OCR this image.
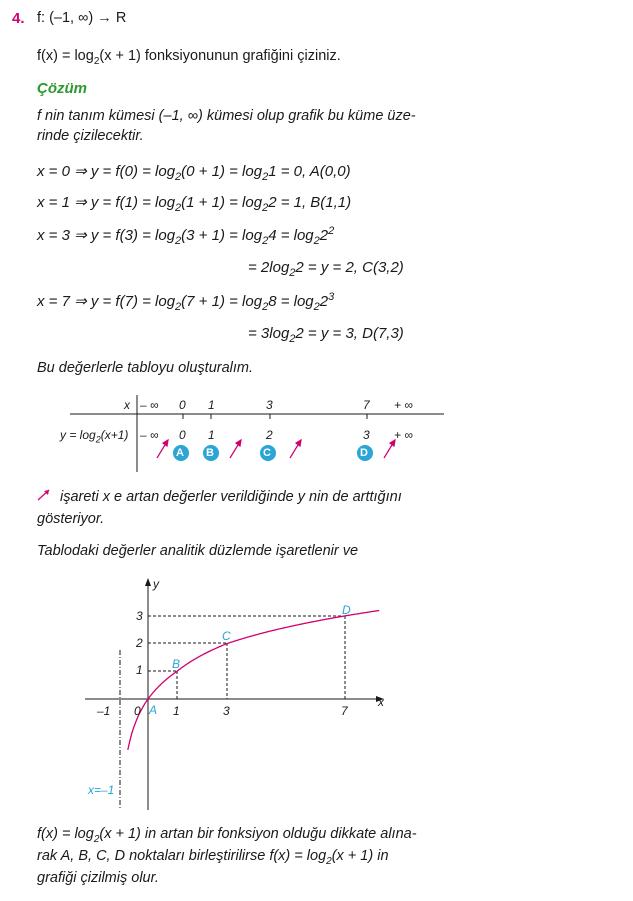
4. f: (–1, ∞) → R
$f(x) = \log_2(x + 1)$ fonksiyonunun grafiğini çiziniz.
Çözüm
f nin tanım kümesi (–1, ∞) kümesi olup grafik bu küme üze-
rinde çizilecektir.
x = 0 ⇒ $y = f(0) = \log_2(0 + 1) = \log_21 = 0$, A(0,0)
x = 1 ⇒ $y = f(1) = \log_2(1 + 1) = \log_22 = 1$, B(1,1)
x = 3 ⇒ $y = f(3) = \log_2(3 + 1) = \log_24 = \log_22^2$
= $2\log_22 = y = 2$, C(3,2)
x = 7 ⇒ $y = f(7) = \log_2(7 + 1) = \log_28 = \log_22^3$
= $3\log_22 = y = 3$, D(7,3)
Bu değerlerle tabloyu oluşturalım.
x – ∞ 0 1	3	7 + ∞
$y = \log_2(x+1)$ – ∞ 0 1	2	3 + ∞
A B	C	D
işareti x e artan değerler verildiğinde y nin de arttığını
gösteriyor.
Tablodaki değerler analitik düzlemde işaretlenir ve
y
x
–1 0	1	3	7
1
2
3
A
B
C
D
x=–1
$f(x) = \log_2(x + 1)$ in artan bir fonksiyon olduğu dikkate alına-
rak A, B, C, D noktaları birleştirilirse $f(x) = \log_2(x + 1)$ in
grafiği çizilmiş olur.
